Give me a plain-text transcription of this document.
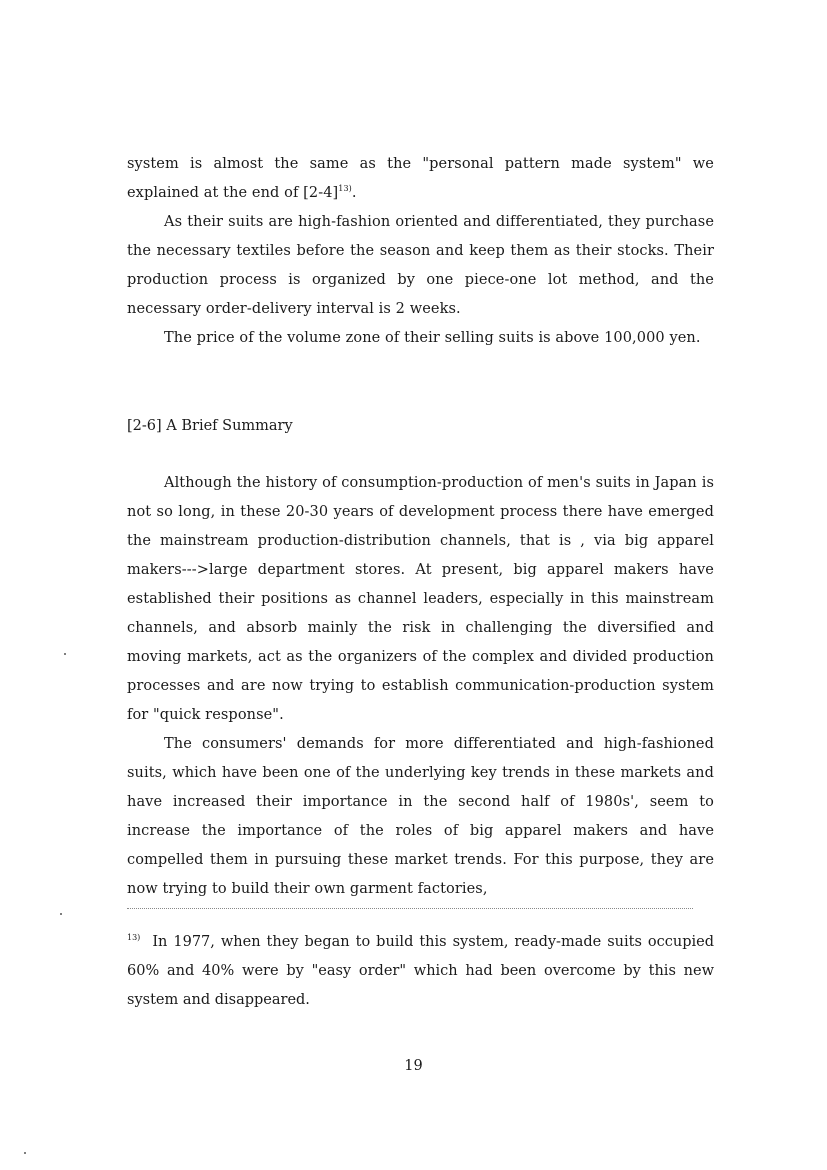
system is almost the same as the "personal pattern made system" we explained at the end of $[2-4]^{13)}$.

As their suits are high-fashion oriented and differentiated, they purchase the necessary textiles before the season and keep them as their stocks. Their production process is organized by one piece-one lot method, and the necessary order-delivery interval is 2 weeks.

The price of the volume zone of their selling suits is above 100,000 yen.

[2-6] A Brief Summary

Although the history of consumption-production of men's suits in Japan is not so long, in these 20-30 years of development process there have emerged the mainstream production-distribution channels, that is , via big apparel makers--->large department stores. At present, big apparel makers have established their positions as channel leaders, especially in this mainstream channels, and absorb mainly the risk in challenging the diversified and moving markets, act as the organizers of the complex and divided production processes and are now trying to establish communication-production system for "quick response".

The consumers' demands for more differentiated and high-fashioned suits, which have been one of the underlying key trends in these markets and have increased their importance in the second half of 1980s', seem to increase the importance of the roles of big apparel makers and have compelled them in pursuing these market trends. For this purpose, they are now trying to build their own garment factories,

$^{13)}$ In 1977, when they began to build this system, ready-made suits occupied 60% and 40% were by "easy order" which had been overcome by this new system and disappeared.
19
